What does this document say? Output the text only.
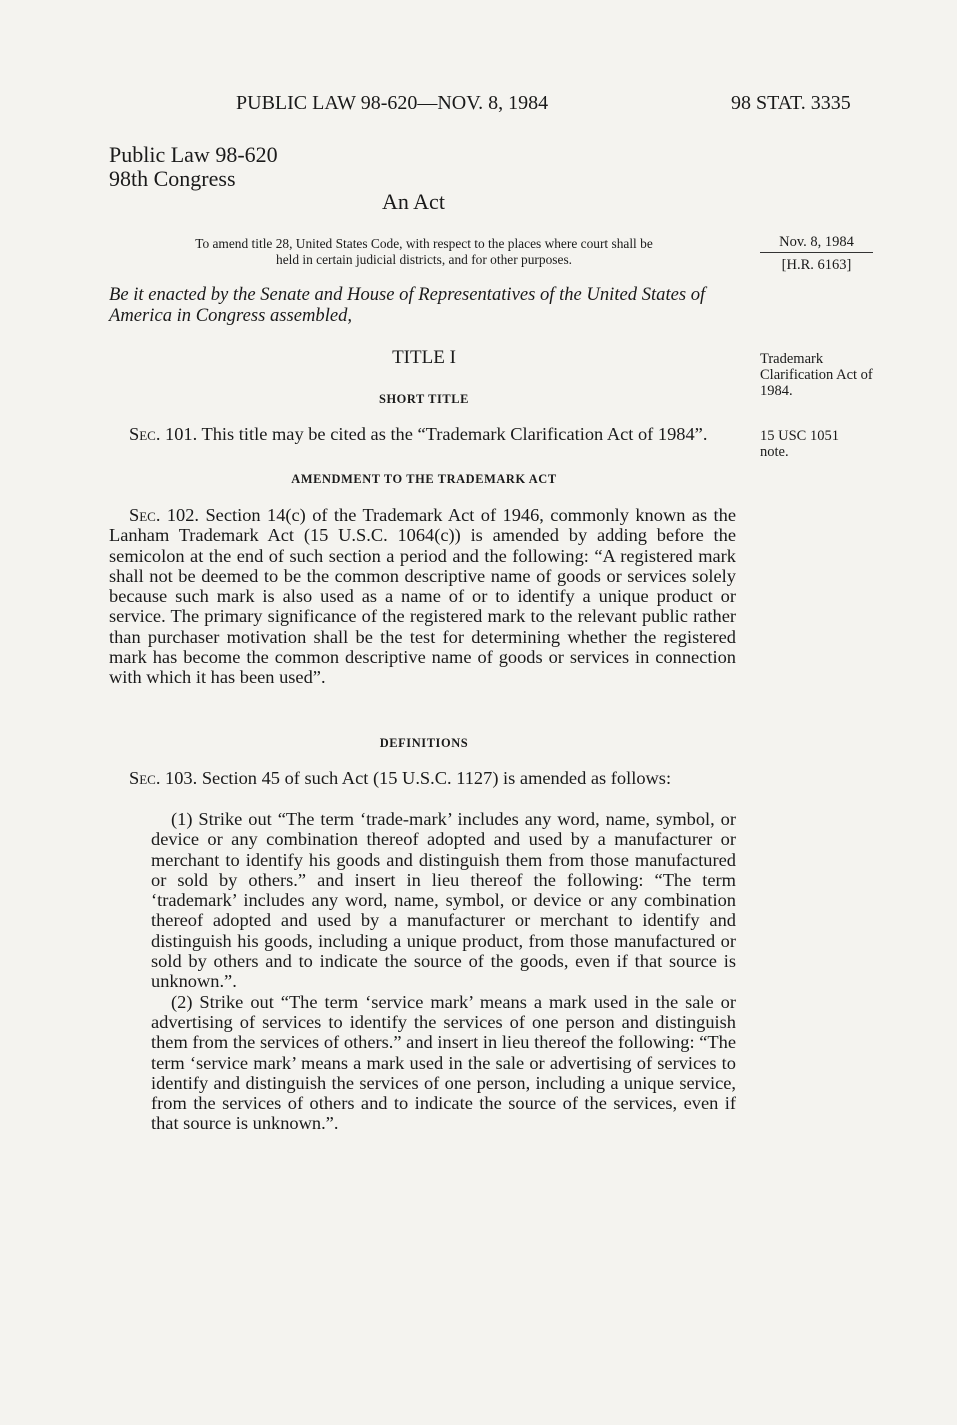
PUBLIC LAW 98-620—NOV. 8, 1984	98 STAT. 3335
Public Law 98-620
98th Congress
An Act
To amend title 28, United States Code, with respect to the places where court shall be
held in certain judicial districts, and for other purposes.
Nov. 8, 1984
[H.R. 6163]
Be it enacted by the Senate and House of Representatives of the United States of America in Congress assembled,
TITLE I	Trademark Clarification Act of 1984.
SHORT TITLE

Sec. 101. This title may be cited as the “Trademark Clarification Act of 1984”.	15 USC 1051
note.
AMENDMENT TO THE TRADEMARK ACT

Sec. 102. Section 14(c) of the Trademark Act of 1946, commonly known as the Lanham Trademark Act (15 U.S.C. 1064(c)) is amended by adding before the semicolon at the end of such section a period and the following: “A registered mark shall not be deemed to be the common descriptive name of goods or services solely because such mark is also used as a name of or to identify a unique product or service. The primary significance of the registered mark to the relevant public rather than purchaser motivation shall be the test for determining whether the registered mark has become the common descriptive name of goods or services in connection with which it has been used”.

DEFINITIONS

Sec. 103. Section 45 of such Act (15 U.S.C. 1127) is amended as follows:

(1) Strike out “The term ‘trade-mark’ includes any word, name, symbol, or device or any combination thereof adopted and used by a manufacturer or merchant to identify his goods and distinguish them from those manufactured or sold by others.” and insert in lieu thereof the following: “The term ‘trademark’ includes any word, name, symbol, or device or any combination thereof adopted and used by a manufacturer or merchant to identify and distinguish his goods, including a unique product, from those manufactured or sold by others and to indicate the source of the goods, even if that source is unknown.”.

(2) Strike out “The term ‘service mark’ means a mark used in the sale or advertising of services to identify the services of one person and distinguish them from the services of others.” and insert in lieu thereof the following: “The term ‘service mark’ means a mark used in the sale or advertising of services to identify and distinguish the services of one person, including a unique service, from the services of others and to indicate the source of the services, even if that source is unknown.”.
